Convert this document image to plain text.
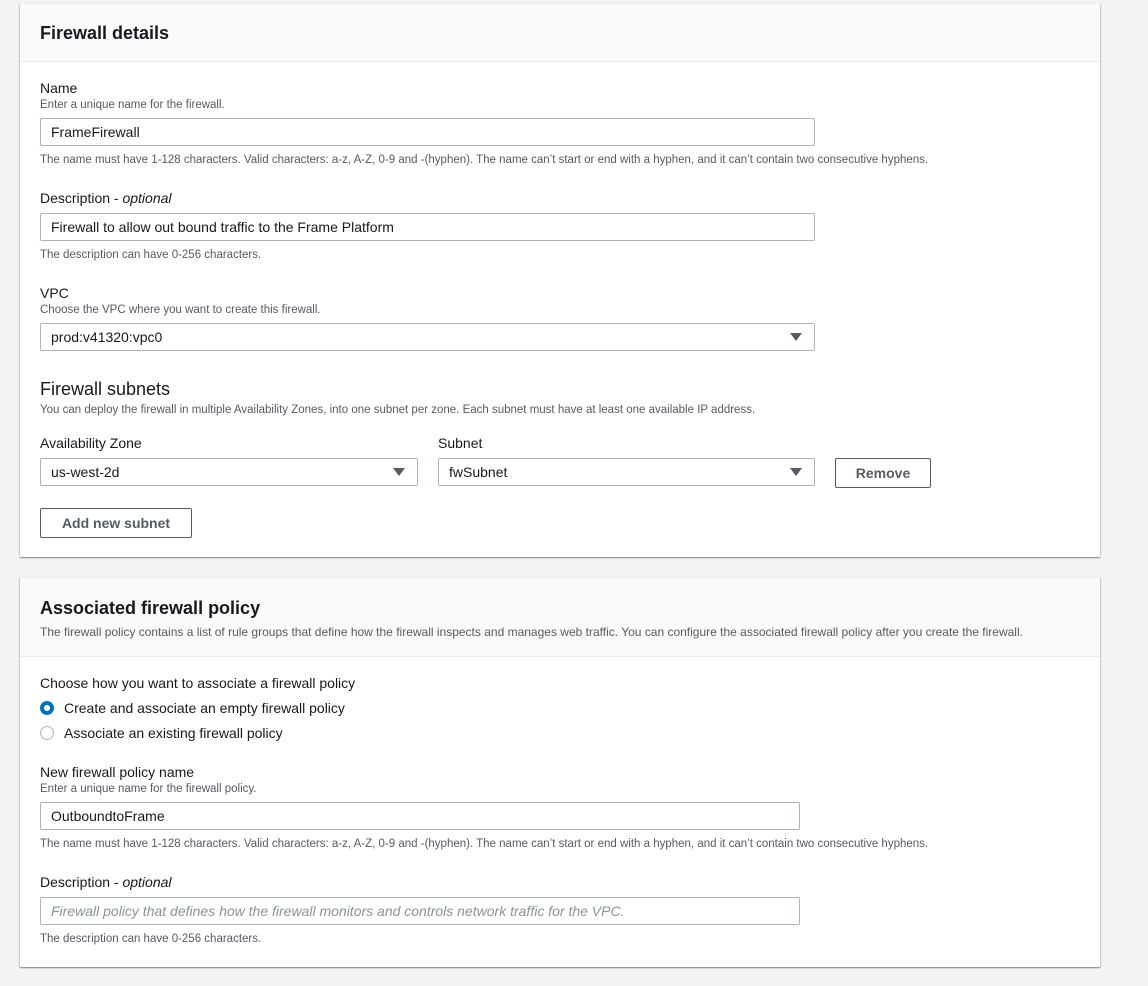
Firewall details
Name
Enter a unique name for the firewall.
FrameFirewall
The name must have 1-128 characters. Valid characters: a-z, A-Z, 0-9 and -(hyphen). The name can’t start or end with a hyphen, and it can’t contain two consecutive hyphens.
Description - optional
Firewall to allow out bound traffic to the Frame Platform
The description can have 0-256 characters.
VPC
Choose the VPC where you want to create this firewall.
prod:v41320:vpc0
Firewall subnets
You can deploy the firewall in multiple Availability Zones, into one subnet per zone. Each subnet must have at least one available IP address.
Availability Zone
us-west-2d
Subnet
fwSubnet	Remove
Add new subnet
Associated firewall policy
The firewall policy contains a list of rule groups that define how the firewall inspects and manages web traffic. You can configure the associated firewall policy after you create the firewall.
Choose how you want to associate a firewall policy
Create and associate an empty firewall policy
Associate an existing firewall policy
New firewall policy name
Enter a unique name for the firewall policy.
OutboundtoFrame
The name must have 1-128 characters. Valid characters: a-z, A-Z, 0-9 and -(hyphen). The name can’t start or end with a hyphen, and it can’t contain two consecutive hyphens.
Description - optional
Firewall policy that defines how the firewall monitors and controls network traffic for the VPC.
The description can have 0-256 characters.
